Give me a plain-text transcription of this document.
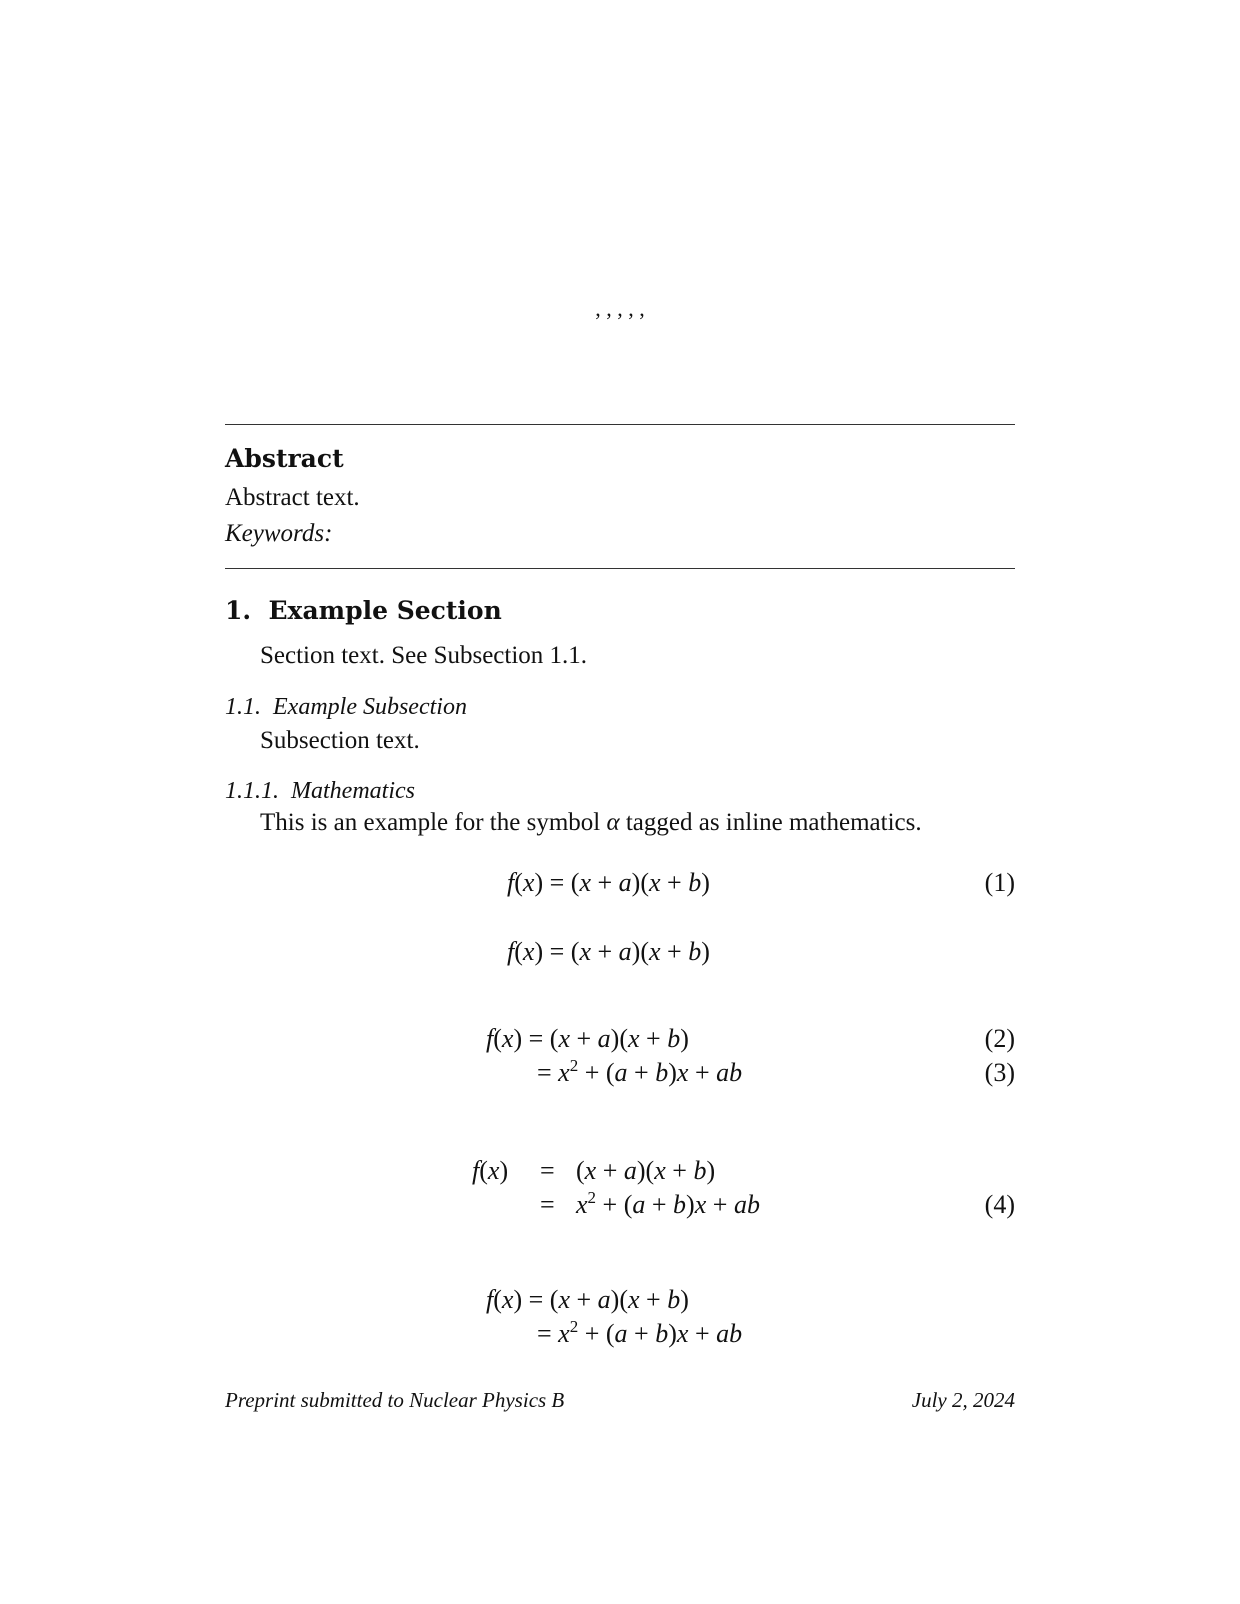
, , , , ,
Abstract
Abstract text.
Keywords:
1.  Example Section
Section text. See Subsection 1.1.
1.1.  Example Subsection
Subsection text.
1.1.1.  Mathematics
This is an example for the symbol α tagged as inline mathematics.
f(x) = (x + a)(x + b)	(1)
f(x) = (x + a)(x + b)
f(x) = (x + a)(x + b)	(2)
= $x^2 + (a + b)x$ + ab	(3)
f(x) = (x + a)(x + b)
= $x^2 + (a + b)x$ + ab	(4)
f(x) = (x + a)(x + b)
= $x^2 + (a + b)x$ + ab
Preprint submitted to Nuclear Physics B	July 2, 2024
